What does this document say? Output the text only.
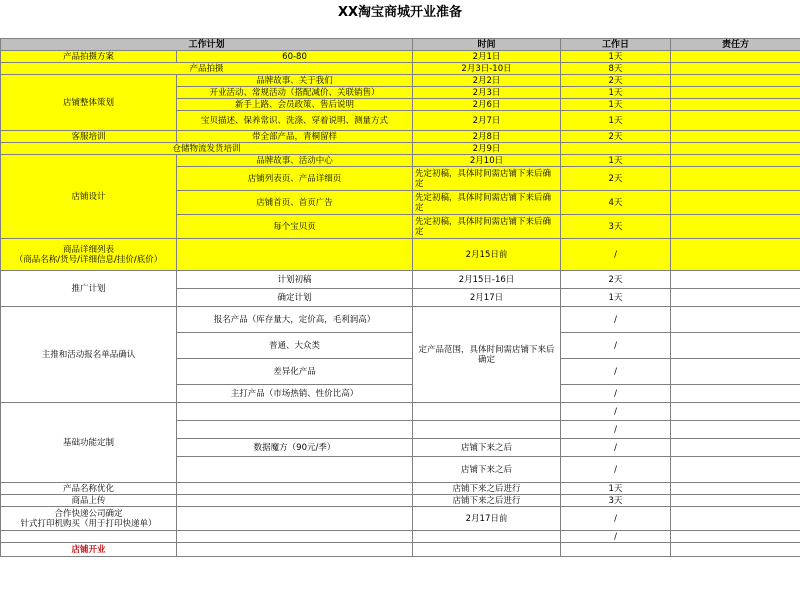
XX淘宝商城开业准备
工作计划		时间	工作日	责任方
产品拍摄方案	60-80	2月1日	1天	
产品拍摄		2月3日-10日	8天	
店铺整体策划	品牌故事、关于我们	2月2日	2天	
	开业活动、常规活动（搭配减价、关联销售）	2月3日	1天	
	新手上路、会员政策、售后说明	2月6日	1天	
	宝贝描述、保养常识、洗涤、穿着说明、测量方式	2月7日	1天	
客服培训	带全部产品，青桐留样	2月8日	2天	
仓储物流发货培训		2月9日		
店铺设计	品牌故事、活动中心	2月10日	1天	
	店铺列表页、产品详细页	先定初稿，具体时间需店铺下来后确定	2天	
	店铺首页、首页广告	先定初稿，具体时间需店铺下来后确定	4天	
	每个宝贝页	先定初稿，具体时间需店铺下来后确定	3天	
商品详细列表
（商品名称/货号/详细信息/挂价/底价）		2月15日前	/	
推广计划	计划初稿	2月15日-16日	2天	
	确定计划	2月17日	1天	
主推和活动报名单品确认	报名产品（库存量大，定价高，毛利润高）	定产品范围，具体时间需店铺下来后确定	/	
	普通、大众类		/	
	差异化产品		/	
	主打产品（市场热销、性价比高）		/	
基础功能定制			/	
			/	
	数据魔方（90元/季）	店铺下来之后	/	
		店铺下来之后	/	
产品名称优化		店铺下来之后进行	1天	
商品上传		店铺下来之后进行	3天	
合作快递公司确定
针式打印机购买（用于打印快递单）		2月17日前	/	
			/	
店铺开业				
